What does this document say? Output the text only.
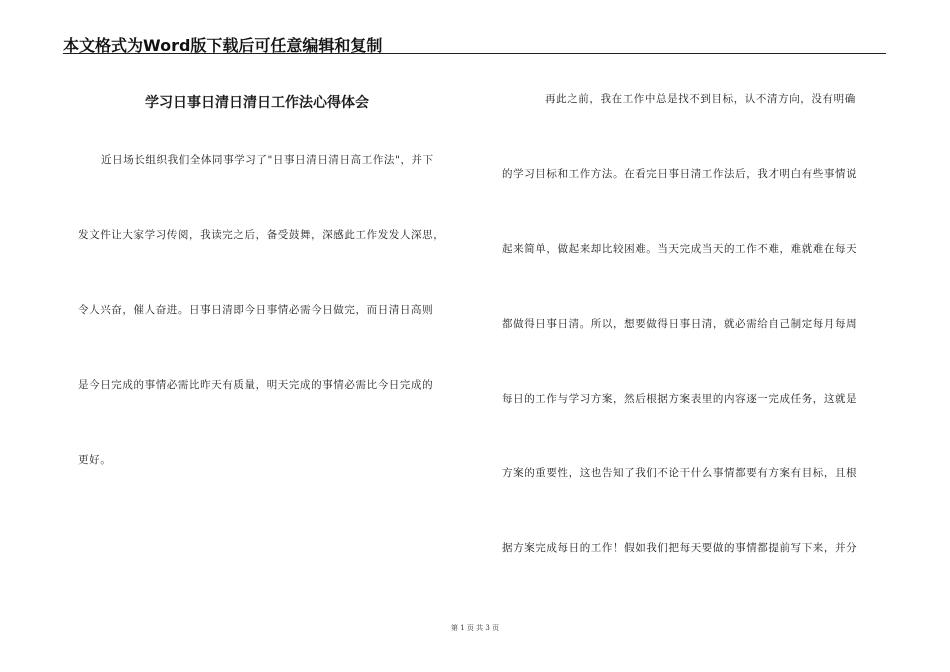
本文格式为Word版下载后可任意编辑和复制
学习日事日清日清日工作法心得体会
近日场长组织我们全体同事学习了"日事日清日清日高工作法"，并下
发文件让大家学习传阅，我读完之后，备受鼓舞，深感此工作发发人深思，
令人兴奋，催人奋进。日事日清即今日事情必需今日做完，而日清日高则
是今日完成的事情必需比昨天有质量，明天完成的事情必需比今日完成的
更好。
再此之前，我在工作中总是找不到目标，认不清方向，没有明确
的学习目标和工作方法。在看完日事日清工作法后，我才明白有些事情说
起来简单，做起来却比较困难。当天完成当天的工作不难，难就难在每天
都做得日事日清。所以，想要做得日事日清，就必需给自己制定每月每周
每日的工作与学习方案，然后根据方案表里的内容逐一完成任务，这就是
方案的重要性，这也告知了我们不论干什么事情都要有方案有目标，且根
据方案完成每日的工作！假如我们把每天要做的事情都提前写下来，并分
第 1 页 共 3 页
